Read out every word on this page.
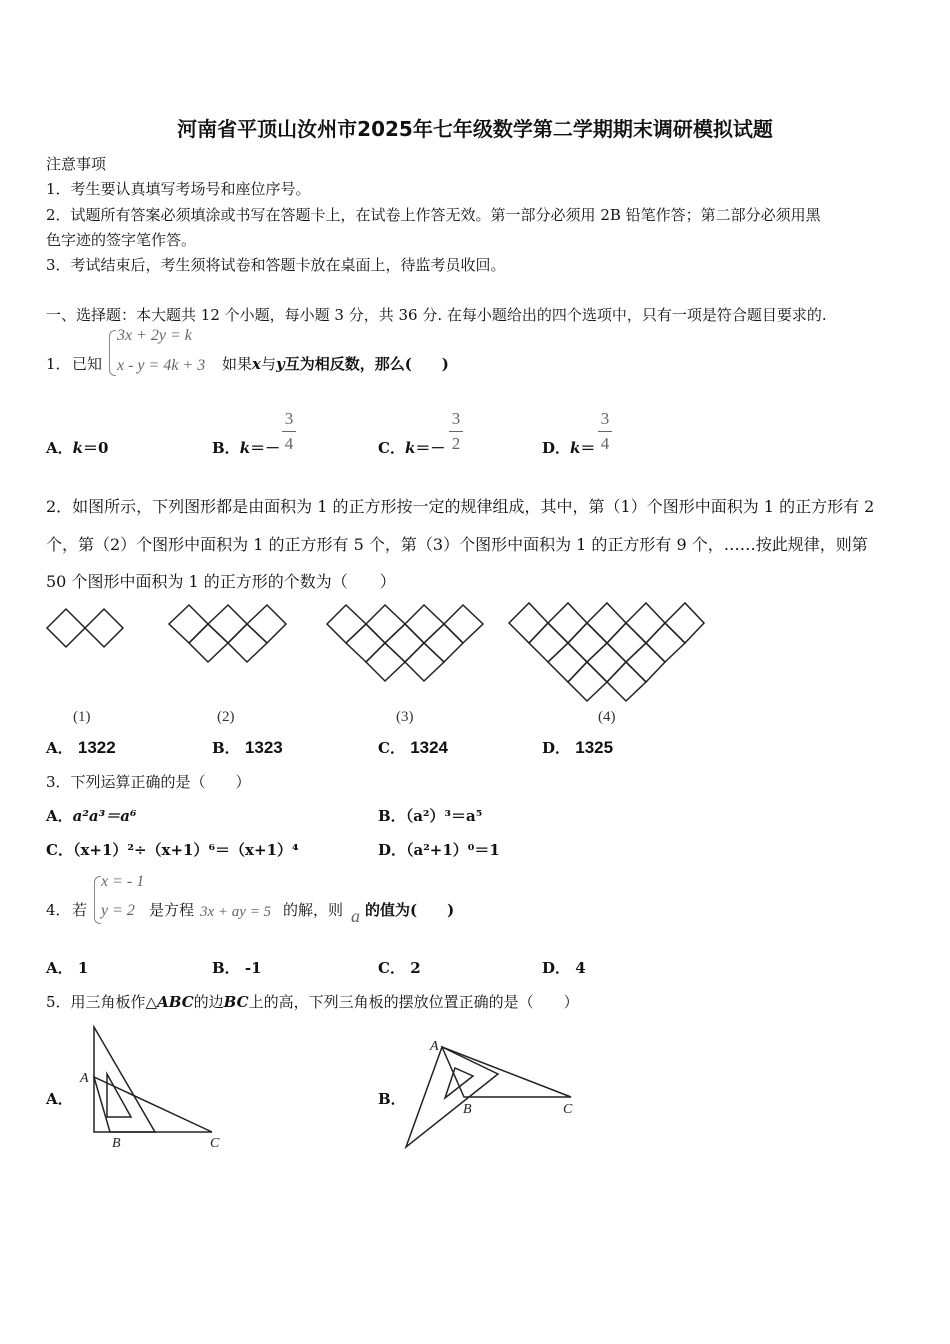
河南省平顶山汝州市2025年七年级数学第二学期期末调研模拟试题
注意事项
1．考生要认真填写考场号和座位序号。
2．试题所有答案必须填涂或书写在答题卡上，在试卷上作答无效。第一部分必须用 2B 铅笔作答；第二部分必须用黑
色字迹的签字笔作答。
3．考试结束后，考生须将试卷和答题卡放在桌面上，待监考员收回。
一、选择题：本大题共 12 个小题，每小题 3 分，共 36 分. 在每小题给出的四个选项中，只有一项是符合题目要求的.
1． 已知
3x + 2y = k
x - y = 4k + 3 如果x与y互为相反数，那么(　　)
A．k＝0	B．k＝－
3
4	C．k＝－
3
2	D．k＝
3
4
2．如图所示，下列图形都是由面积为 1 的正方形按一定的规律组成，其中，第（1）个图形中面积为 1 的正方形有 2
个，第（2）个图形中面积为 1 的正方形有 5 个，第（3）个图形中面积为 1 的正方形有 9 个，……按此规律，则第
50 个图形中面积为 1 的正方形的个数为（　　）
(1)	(2)	(3)	(4)
A． 1322	B． 1323	C． 1324	D． 1325
3．下列运算正确的是（　　）
A．a²a³＝a⁶	B．（a²）³＝a⁵
C．（x+1）²÷（x+1）⁶＝（x+1）⁴	D．（a²+1）⁰＝1
4． 若
x = - 1
y = 2 是方程 3x + ay = 5 的解，则 a 的值为(　　)
A． 1	B． -1	C． 2	D． 4
5．用三角板作△ABC的边BC上的高，下列三角板的摆放位置正确的是（　　）
A．	B．
A
B	C
A
B	C
